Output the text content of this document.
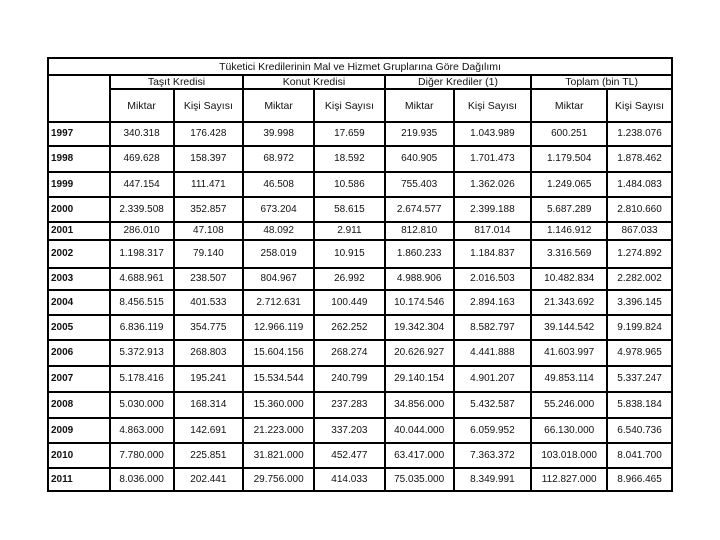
Tüketici Kredilerinin Mal ve Hizmet Gruplarına Göre Dağılımı								
	Taşıt Kredisi		Konut Kredisi		Diğer Krediler (1)		Toplam (bin TL)	
	Miktar	Kişi Sayısı	Miktar	Kişi Sayısı	Miktar	Kişi Sayısı	Miktar	Kişi Sayısı
1997	340.318	176.428	39.998	17.659	219.935	1.043.989	600.251	1.238.076
1998	469.628	158.397	68.972	18.592	640.905	1.701.473	1.179.504	1.878.462
1999	447.154	111.471	46.508	10.586	755.403	1.362.026	1.249.065	1.484.083
2000	2.339.508	352.857	673.204	58.615	2.674.577	2.399.188	5.687.289	2.810.660
2001	286.010	47.108	48.092	2.911	812.810	817.014	1.146.912	867.033
2002	1.198.317	79.140	258.019	10.915	1.860.233	1.184.837	3.316.569	1.274.892
2003	4.688.961	238.507	804.967	26.992	4.988.906	2.016.503	10.482.834	2.282.002
2004	8.456.515	401.533	2.712.631	100.449	10.174.546	2.894.163	21.343.692	3.396.145
2005	6.836.119	354.775	12.966.119	262.252	19.342.304	8.582.797	39.144.542	9.199.824
2006	5.372.913	268.803	15.604.156	268.274	20.626.927	4.441.888	41.603.997	4.978.965
2007	5.178.416	195.241	15.534.544	240.799	29.140.154	4.901.207	49.853.114	5.337.247
2008	5.030.000	168.314	15.360.000	237.283	34.856.000	5.432.587	55.246.000	5.838.184
2009	4.863.000	142.691	21.223.000	337.203	40.044.000	6.059.952	66.130.000	6.540.736
2010	7.780.000	225.851	31.821.000	452.477	63.417.000	7.363.372	103.018.000	8.041.700
2011	8.036.000	202.441	29.756.000	414.033	75.035.000	8.349.991	112.827.000	8.966.465
